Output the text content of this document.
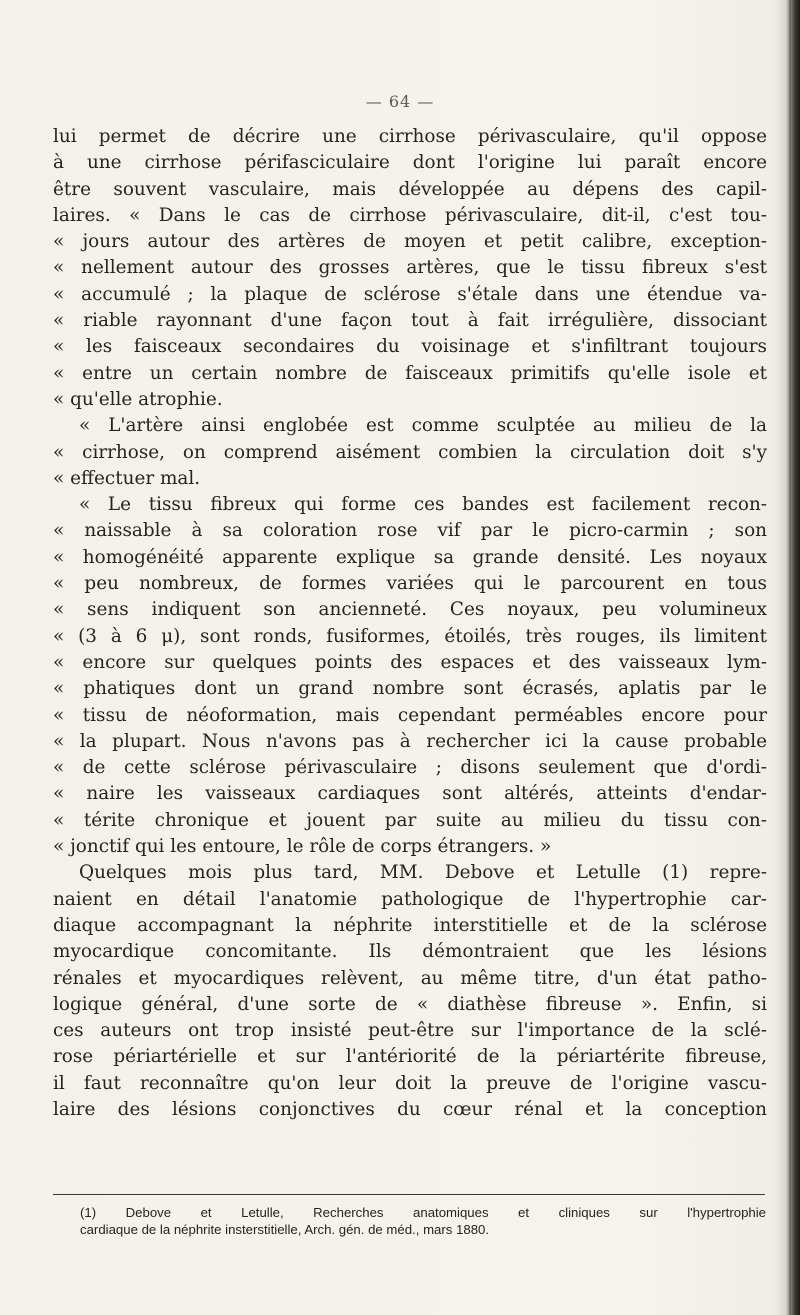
— 64 —
lui permet de décrire une cirrhose périvasculaire, qu'il oppose
à une cirrhose périfasciculaire dont l'origine lui paraît encore
être souvent vasculaire, mais développée au dépens des capil-
laires. « Dans le cas de cirrhose périvasculaire, dit-il, c'est tou-
« jours autour des artères de moyen et petit calibre, exception-
« nellement autour des grosses artères, que le tissu fibreux s'est
« accumulé ; la plaque de sclérose s'étale dans une étendue va-
« riable rayonnant d'une façon tout à fait irrégulière, dissociant
« les faisceaux secondaires du voisinage et s'infiltrant toujours
« entre un certain nombre de faisceaux primitifs qu'elle isole et
« qu'elle atrophie.
« L'artère ainsi englobée est comme sculptée au milieu de la
« cirrhose, on comprend aisément combien la circulation doit s'y
« effectuer mal.
« Le tissu fibreux qui forme ces bandes est facilement recon-
« naissable à sa coloration rose vif par le picro-carmin ; son
« homogénéité apparente explique sa grande densité. Les noyaux
« peu nombreux, de formes variées qui le parcourent en tous
« sens indiquent son ancienneté. Ces noyaux, peu volumineux
« (3 à 6 μ), sont ronds, fusiformes, étoilés, très rouges, ils limitent
« encore sur quelques points des espaces et des vaisseaux lym-
« phatiques dont un grand nombre sont écrasés, aplatis par le
« tissu de néoformation, mais cependant perméables encore pour
« la plupart. Nous n'avons pas à rechercher ici la cause probable
« de cette sclérose périvasculaire ; disons seulement que d'ordi-
« naire les vaisseaux cardiaques sont altérés, atteints d'endar-
« térite chronique et jouent par suite au milieu du tissu con-
« jonctif qui les entoure, le rôle de corps étrangers. »
Quelques mois plus tard, MM. Debove et Letulle (1) repre-
naient en détail l'anatomie pathologique de l'hypertrophie car-
diaque accompagnant la néphrite interstitielle et de la sclérose
myocardique concomitante. Ils démontraient que les lésions
rénales et myocardiques relèvent, au même titre, d'un état patho-
logique général, d'une sorte de « diathèse fibreuse ». Enfin, si
ces auteurs ont trop insisté peut-être sur l'importance de la sclé-
rose périartérielle et sur l'antériorité de la périartérite fibreuse,
il faut reconnaître qu'on leur doit la preuve de l'origine vascu-
laire des lésions conjonctives du cœur rénal et la conception
(1) Debove et Letulle, Recherches anatomiques et cliniques sur l'hypertrophie
cardiaque de la néphrite insterstitielle, Arch. gén. de méd., mars 1880.
